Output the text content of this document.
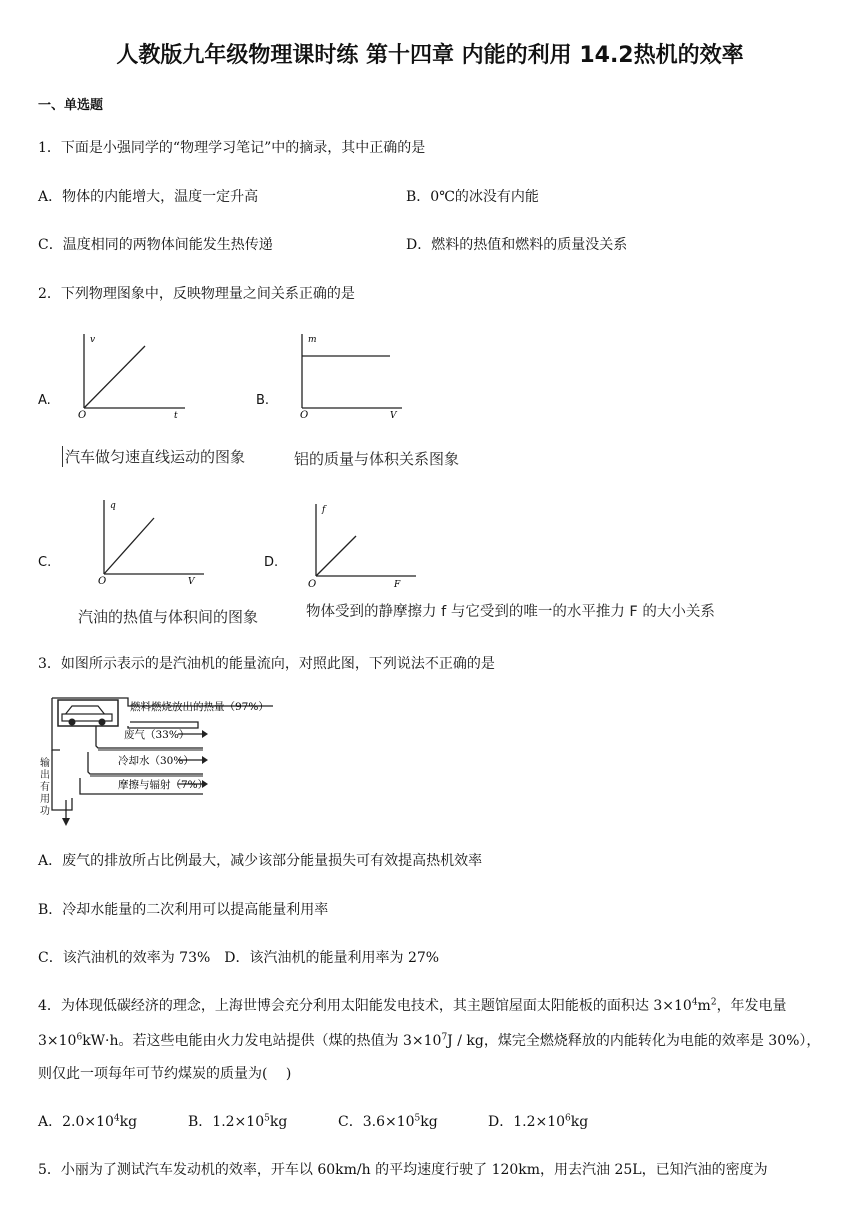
人教版九年级物理课时练 第十四章 内能的利用 14.2热机的效率
一、单选题
1．下面是小强同学的“物理学习笔记”中的摘录，其中正确的是
A．物体的内能增大，温度一定升高	B．0℃的冰没有内能
C．温度相同的两物体间能发生热传递	D．燃料的热值和燃料的质量没关系
2．下列物理图象中，反映物理量之间关系正确的是
A.
v
t
O
汽车做匀速直线运动的图象
B.
m
V
O
铝的质量与体积关系图象
C.
q
V
O
汽油的热值与体积间的图象
D.
f
F
O
物体受到的静摩擦力 f 与它受到的唯一的水平推力 F 的大小关系
3．如图所示表示的是汽油机的能量流向，对照此图，下列说法不正确的是
燃料燃烧放出的热量（97%）
废气（33%）
冷却水（30%）
摩擦与辐射（7%）
输出有用功
A．废气的排放所占比例最大，减少该部分能量损失可有效提高热机效率
B．冷却水能量的二次利用可以提高能量利用率
C．该汽油机的效率为 73%　D．该汽油机的能量利用率为 27%
4．为体现低碳经济的理念，上海世博会充分利用太阳能发电技术，其主题馆屋面太阳能板的面积达 $3\times 10^4m^2$，年发电量
$3\times 10^6kW\cdot h$。若这些电能由火力发电站提供（煤的热值为 $3\times 10^7J$ / kg，煤完全燃烧释放的内能转化为电能的效率是 30%），
则仅此一项每年可节约煤炭的质量为(　 )
A．$2.0\times 10^4kg$	B．$1.2\times 10^5kg$	C．$3.6\times 10^5kg$	D．$1.2\times 10^6kg$
5．小丽为了测试汽车发动机的效率，开车以 60km/h 的平均速度行驶了 120km，用去汽油 25L，已知汽油的密度为
